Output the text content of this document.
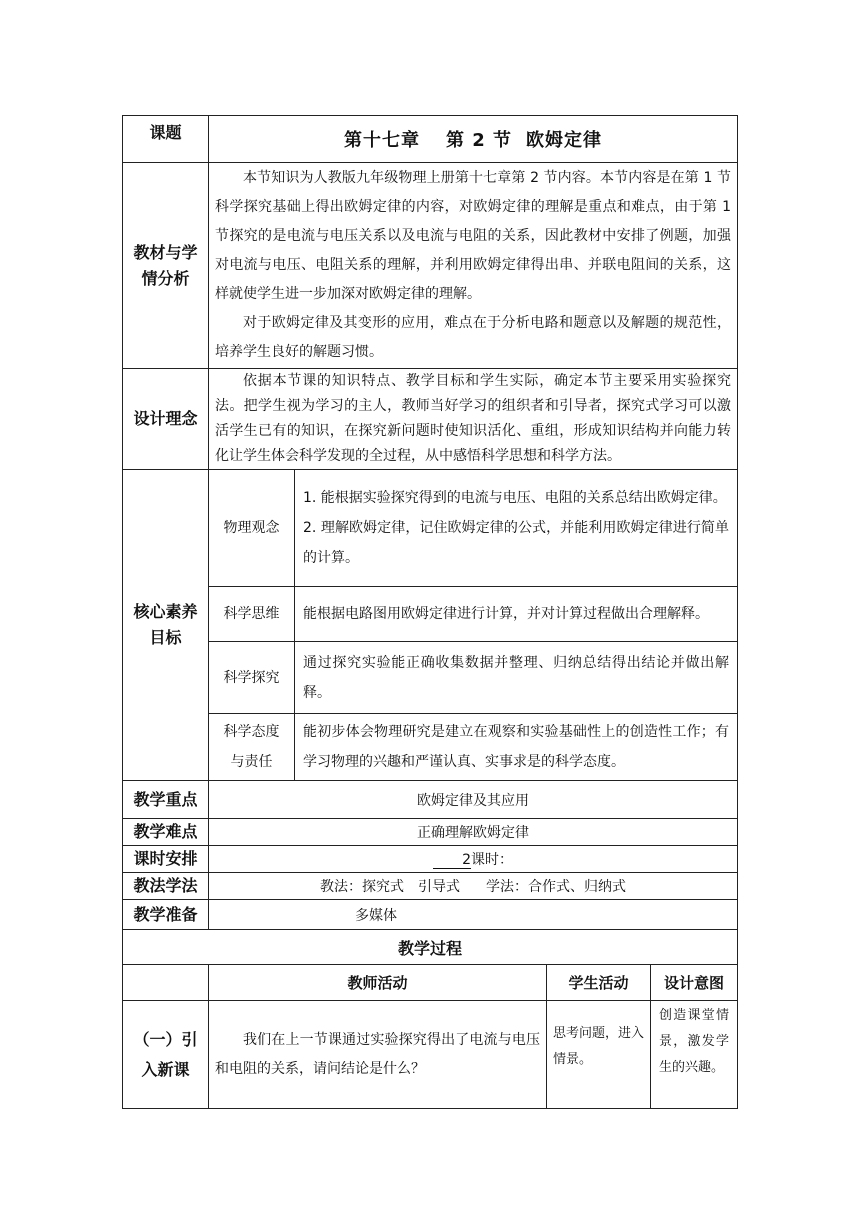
课题	第十七章 第 2 节 欧姆定律			
教材与学情分析	本节知识为人教版九年级物理上册第十七章第 2 节内容。本节内容是在第 1 节科学探究基础上得出欧姆定律的内容，对欧姆定律的理解是重点和难点，由于第 1 节探究的是电流与电压关系以及电流与电阻的关系，因此教材中安排了例题，加强对电流与电压、电阻关系的理解，并利用欧姆定律得出串、并联电阻间的关系，这样就使学生进一步加深对欧姆定律的理解。
对于欧姆定律及其变形的应用，难点在于分析电路和题意以及解题的规范性，培养学生良好的解题习惯。			

设计理念	依据本节课的知识特点、教学目标和学生实际，确定本节主要采用实验探究法。把学生视为学习的主人，教师当好学习的组织者和引导者，探究式学习可以激活学生已有的知识，在探究新问题时使知识活化、重组，形成知识结构并向能力转化让学生体会科学发现的全过程，从中感悟科学思想和科学方法。			

核心素养目标	物理观念	1. 能根据实验探究得到的电流与电压、电阻的关系总结出欧姆定律。
2. 理解欧姆定律，记住欧姆定律的公式，并能利用欧姆定律进行简单的计算。		

	科学思维	能根据电路图用欧姆定律进行计算，并对计算过程做出合理解释。		
	科学探究	通过探究实验能正确收集数据并整理、归纳总结得出结论并做出解释。		
	科学态度与责任	能初步体会物理研究是建立在观察和实验基础性上的创造性工作；有学习物理的兴趣和严谨认真、实事求是的科学态度。		
教学重点	欧姆定律及其应用			
教学难点	正确理解欧姆定律			
课时安排	2课时：			
教法学法	教法：探究式 引导式 学法：合作式、归纳式			
教学准备	多媒体			
教学过程				
	教师活动		学生活动	设计意图
（一）引入新课	我们在上一节课通过实验探究得出了电流与电压和电阻的关系，请问结论是什么？		思考问题，进入情景。	创造课堂情景，激发学生的兴趣。
